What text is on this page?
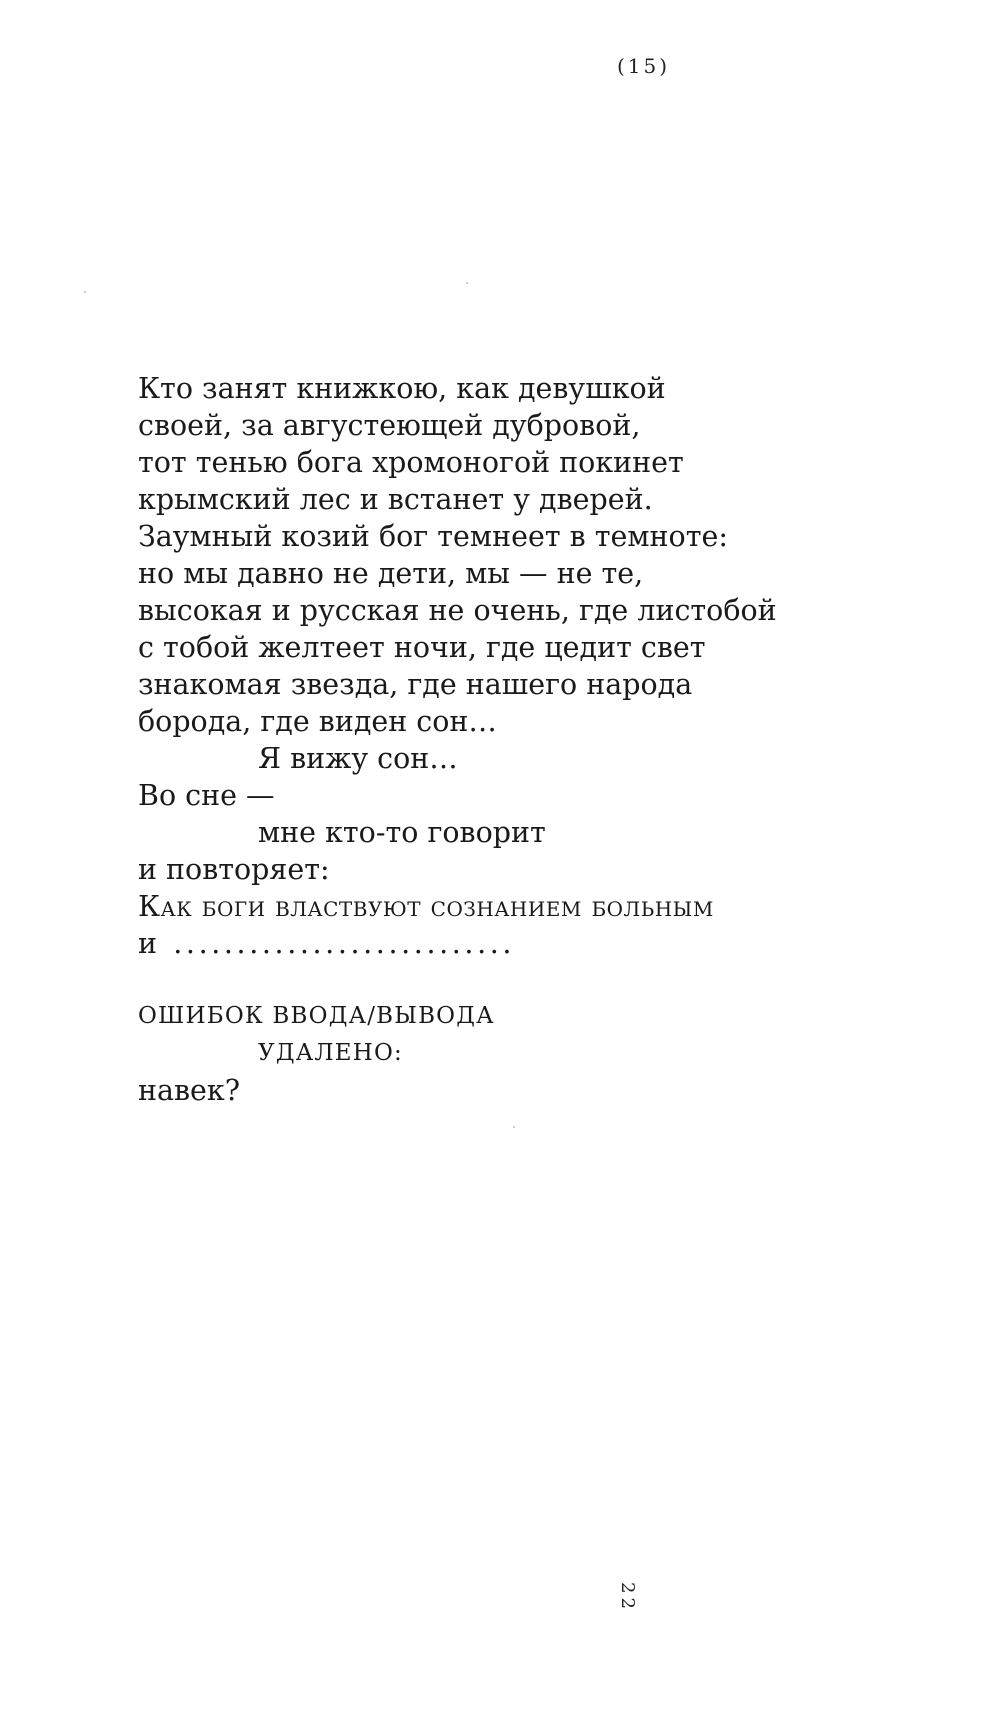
(15)
Кто занят книжкою, как девушкой
своей, за августеющей дубровой,
тот тенью бога хромоногой покинет
крымский лес и встанет у дверей.
Заумный козий бог темнеет в темноте:
но мы давно не дети, мы — не те,
высокая и русская не очень, где листобой
с тобой желтеет ночи, где цедит свет
знакомая звезда, где нашего народа
борода, где виден сон…
Я вижу сон…
Во сне —
мне кто-то говорит
и повторяет:
Как боги властвуют сознанием больным
и ...........................
ОШИБОК ВВОДА/ВЫВОДА
УДАЛЕНО:
навек?
22
